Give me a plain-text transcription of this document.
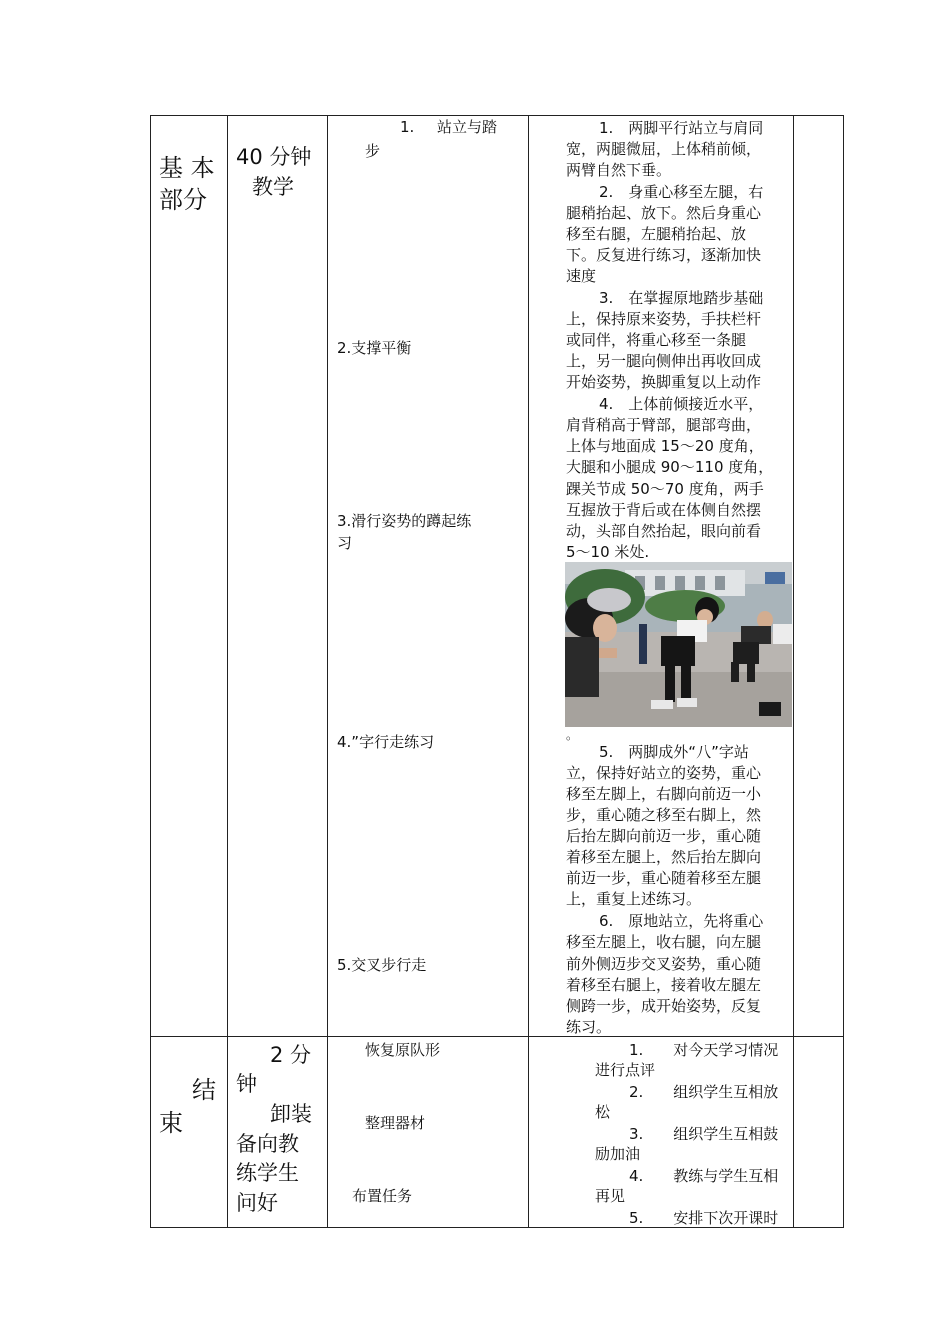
基 本
部分
40 分钟
教学
1. 站立与踏
步
2.支撑平衡
3.滑行姿势的蹲起练
习
4.”字行走练习
5.交叉步行走
1.　两脚平行站立与肩同
宽，两腿微屈，上体稍前倾，
两臂自然下垂。
2.　身重心移至左腿，右
腿稍抬起、放下。然后身重心
移至右腿，左腿稍抬起、放
下。反复进行练习，逐渐加快
速度
3.　在掌握原地踏步基础
上，保持原来姿势，手扶栏杆
或同伴，将重心移至一条腿
上，另一腿向侧伸出再收回成
开始姿势，换脚重复以上动作
4.　上体前倾接近水平，
肩背稍高于臂部，腿部弯曲，
上体与地面成 15～20 度角，
大腿和小腿成 90～110 度角，
踝关节成 50～70 度角，两手
互握放于背后或在体侧自然摆
动，头部自然抬起，眼向前看
5～10 米处.
。
5.　两脚成外“八”字站
立，保持好站立的姿势，重心
移至左脚上，右脚向前迈一小
步，重心随之移至右脚上，然
后抬左脚向前迈一步，重心随
着移至左腿上，然后抬左脚向
前迈一步，重心随着移至左腿
上，重复上述练习。
6.　原地站立，先将重心
移至左腿上，收右腿，向左腿
前外侧迈步交叉姿势，重心随
着移至右腿上，接着收左腿左
侧跨一步，成开始姿势，反复
练习。
结
束
2 分
钟
卸装
备向教
练学生
问好
恢复原队形
整理器材
布置任务
1.　　对今天学习情况
进行点评
2.　　组织学生互相放
松
3.　　组织学生互相鼓
励加油
4.　　教练与学生互相
再见
5.　　安排下次开课时
